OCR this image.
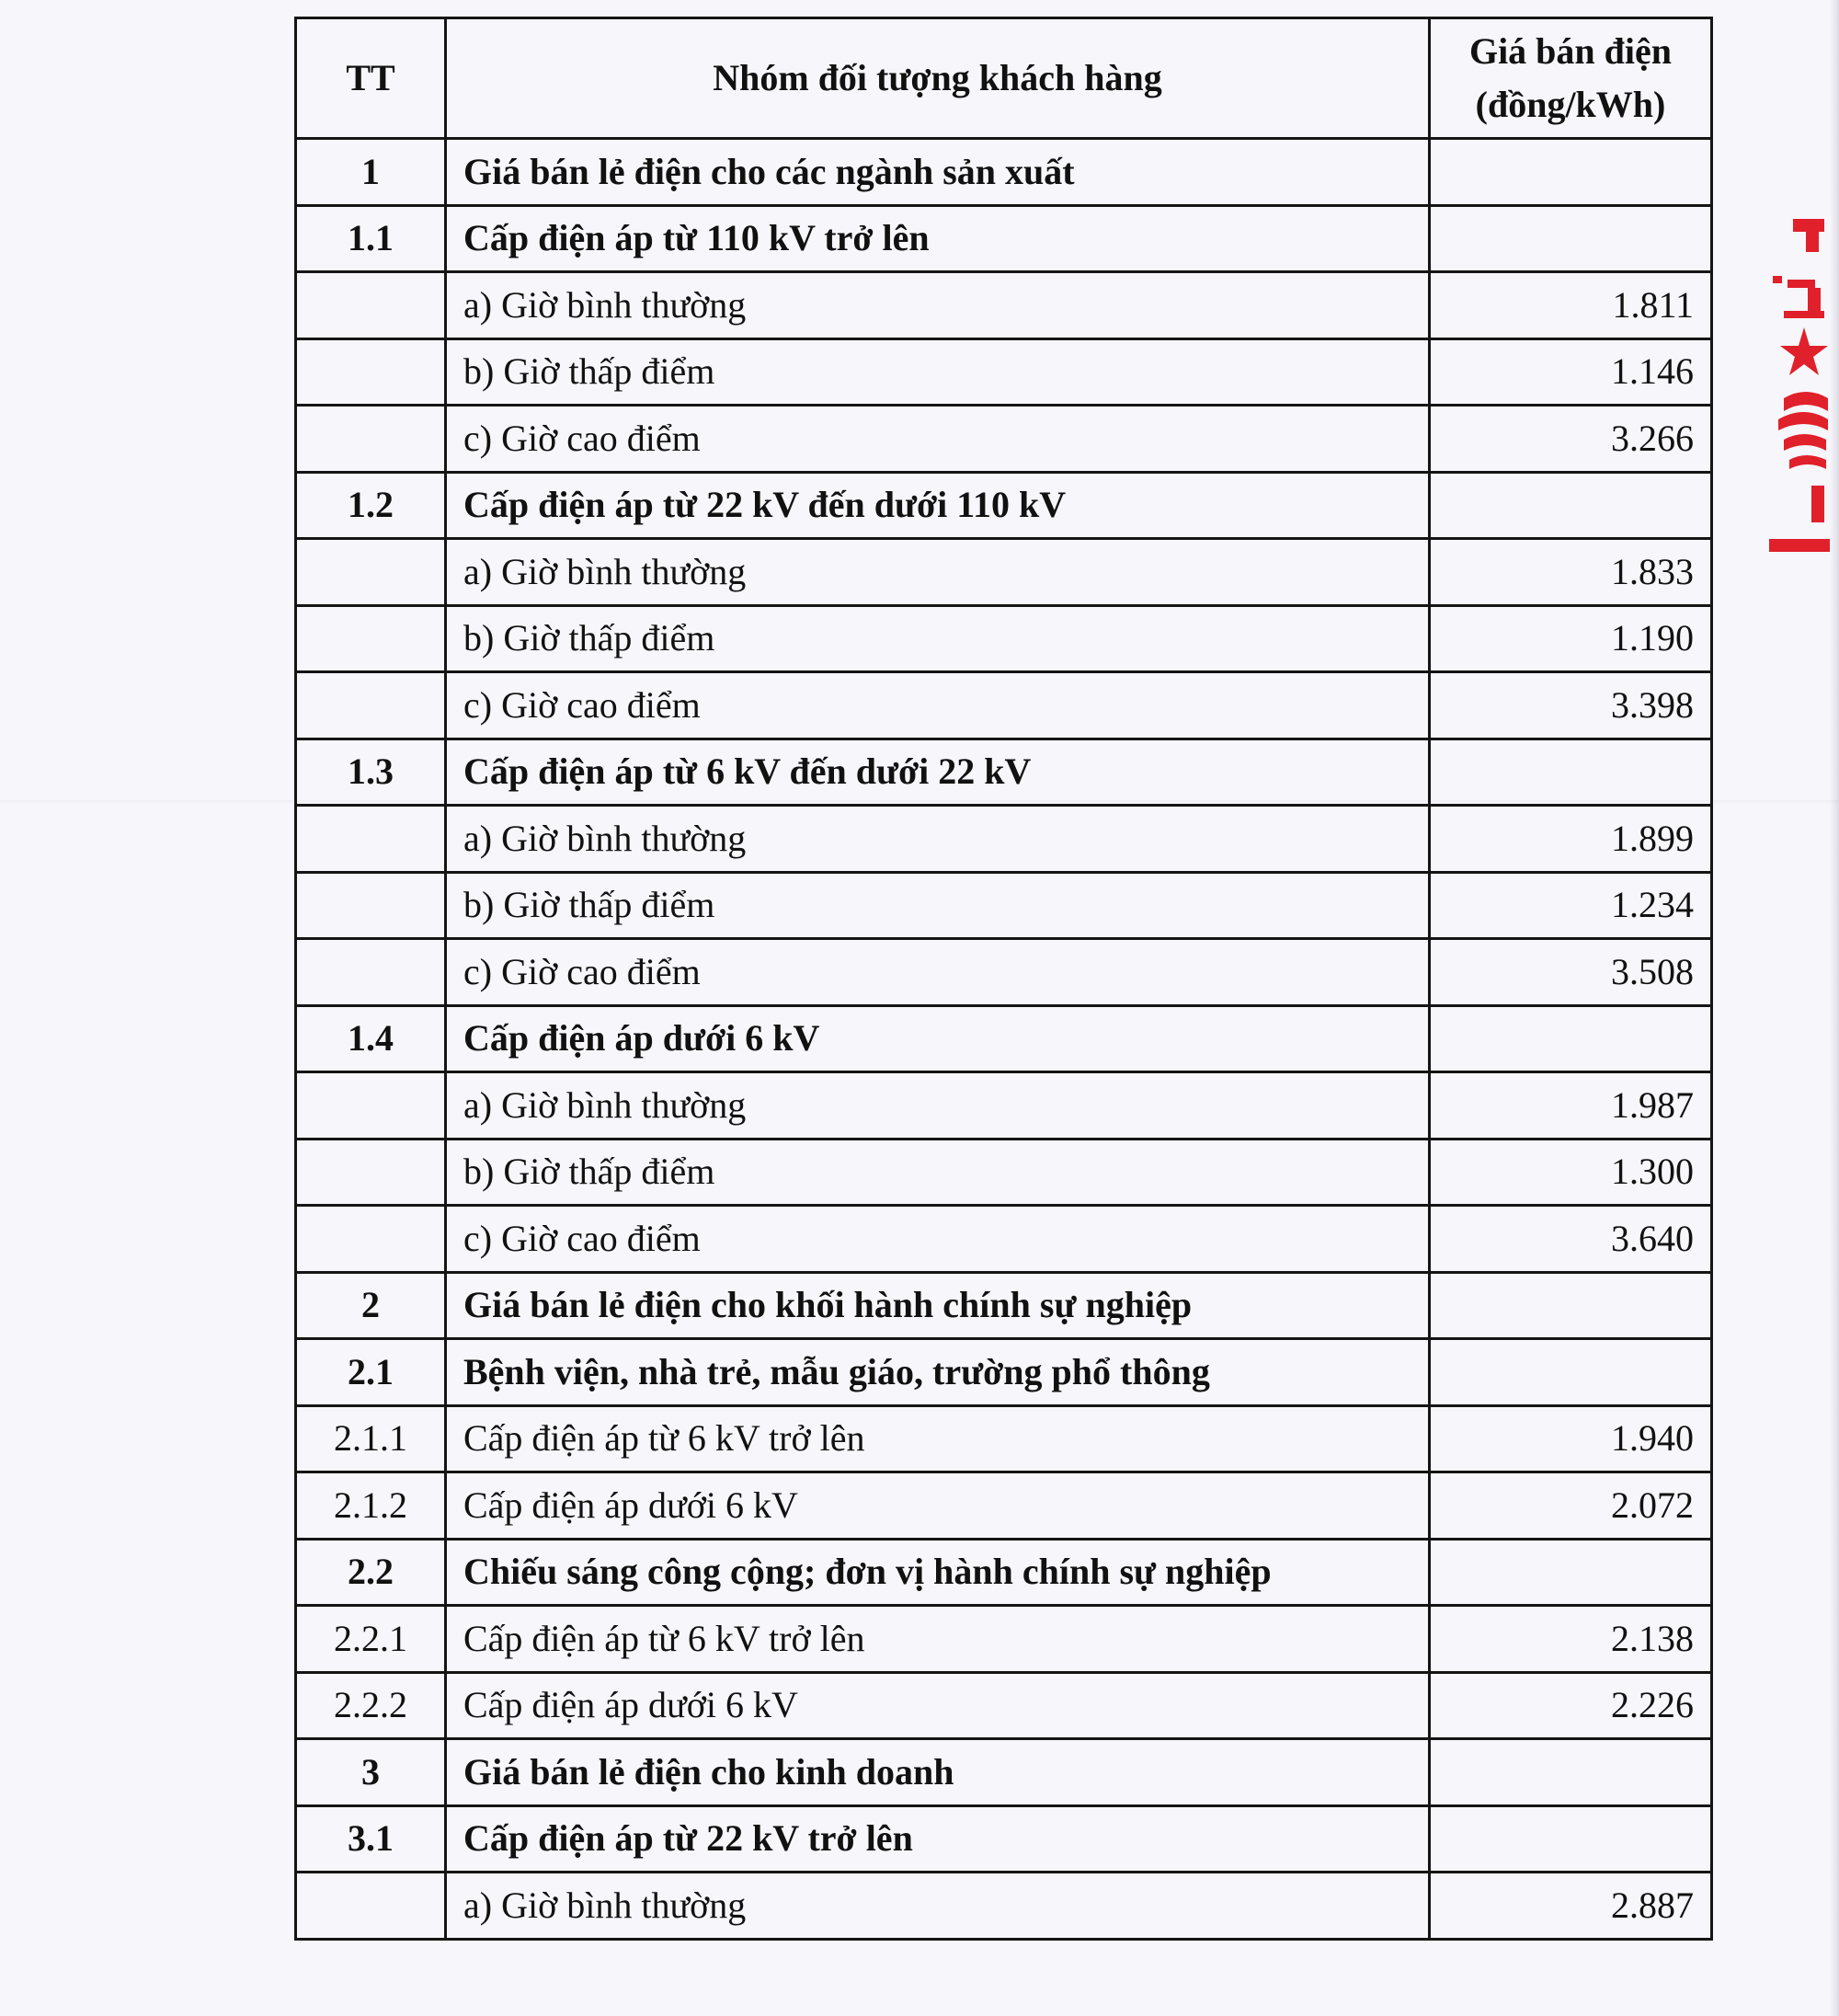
TT	Nhóm đối tượng khách hàng	Giá bán điện
(đồng/kWh)
1	Giá bán lẻ điện cho các ngành sản xuất	
1.1	Cấp điện áp từ 110 kV trở lên	
	a) Giờ bình thường	1.811
	b) Giờ thấp điểm	1.146
	c) Giờ cao điểm	3.266
1.2	Cấp điện áp từ 22 kV đến dưới 110 kV	
	a) Giờ bình thường	1.833
	b) Giờ thấp điểm	1.190
	c) Giờ cao điểm	3.398
1.3	Cấp điện áp từ 6 kV đến dưới 22 kV	
	a) Giờ bình thường	1.899
	b) Giờ thấp điểm	1.234
	c) Giờ cao điểm	3.508
1.4	Cấp điện áp dưới 6 kV	
	a) Giờ bình thường	1.987
	b) Giờ thấp điểm	1.300
	c) Giờ cao điểm	3.640
2	Giá bán lẻ điện cho khối hành chính sự nghiệp	
2.1	Bệnh viện, nhà trẻ, mẫu giáo, trường phổ thông	
2.1.1	Cấp điện áp từ 6 kV trở lên	1.940
2.1.2	Cấp điện áp dưới 6 kV	2.072
2.2	Chiếu sáng công cộng; đơn vị hành chính sự nghiệp	
2.2.1	Cấp điện áp từ 6 kV trở lên	2.138
2.2.2	Cấp điện áp dưới 6 kV	2.226
3	Giá bán lẻ điện cho kinh doanh	
3.1	Cấp điện áp từ 22 kV trở lên	
	a) Giờ bình thường	2.887
